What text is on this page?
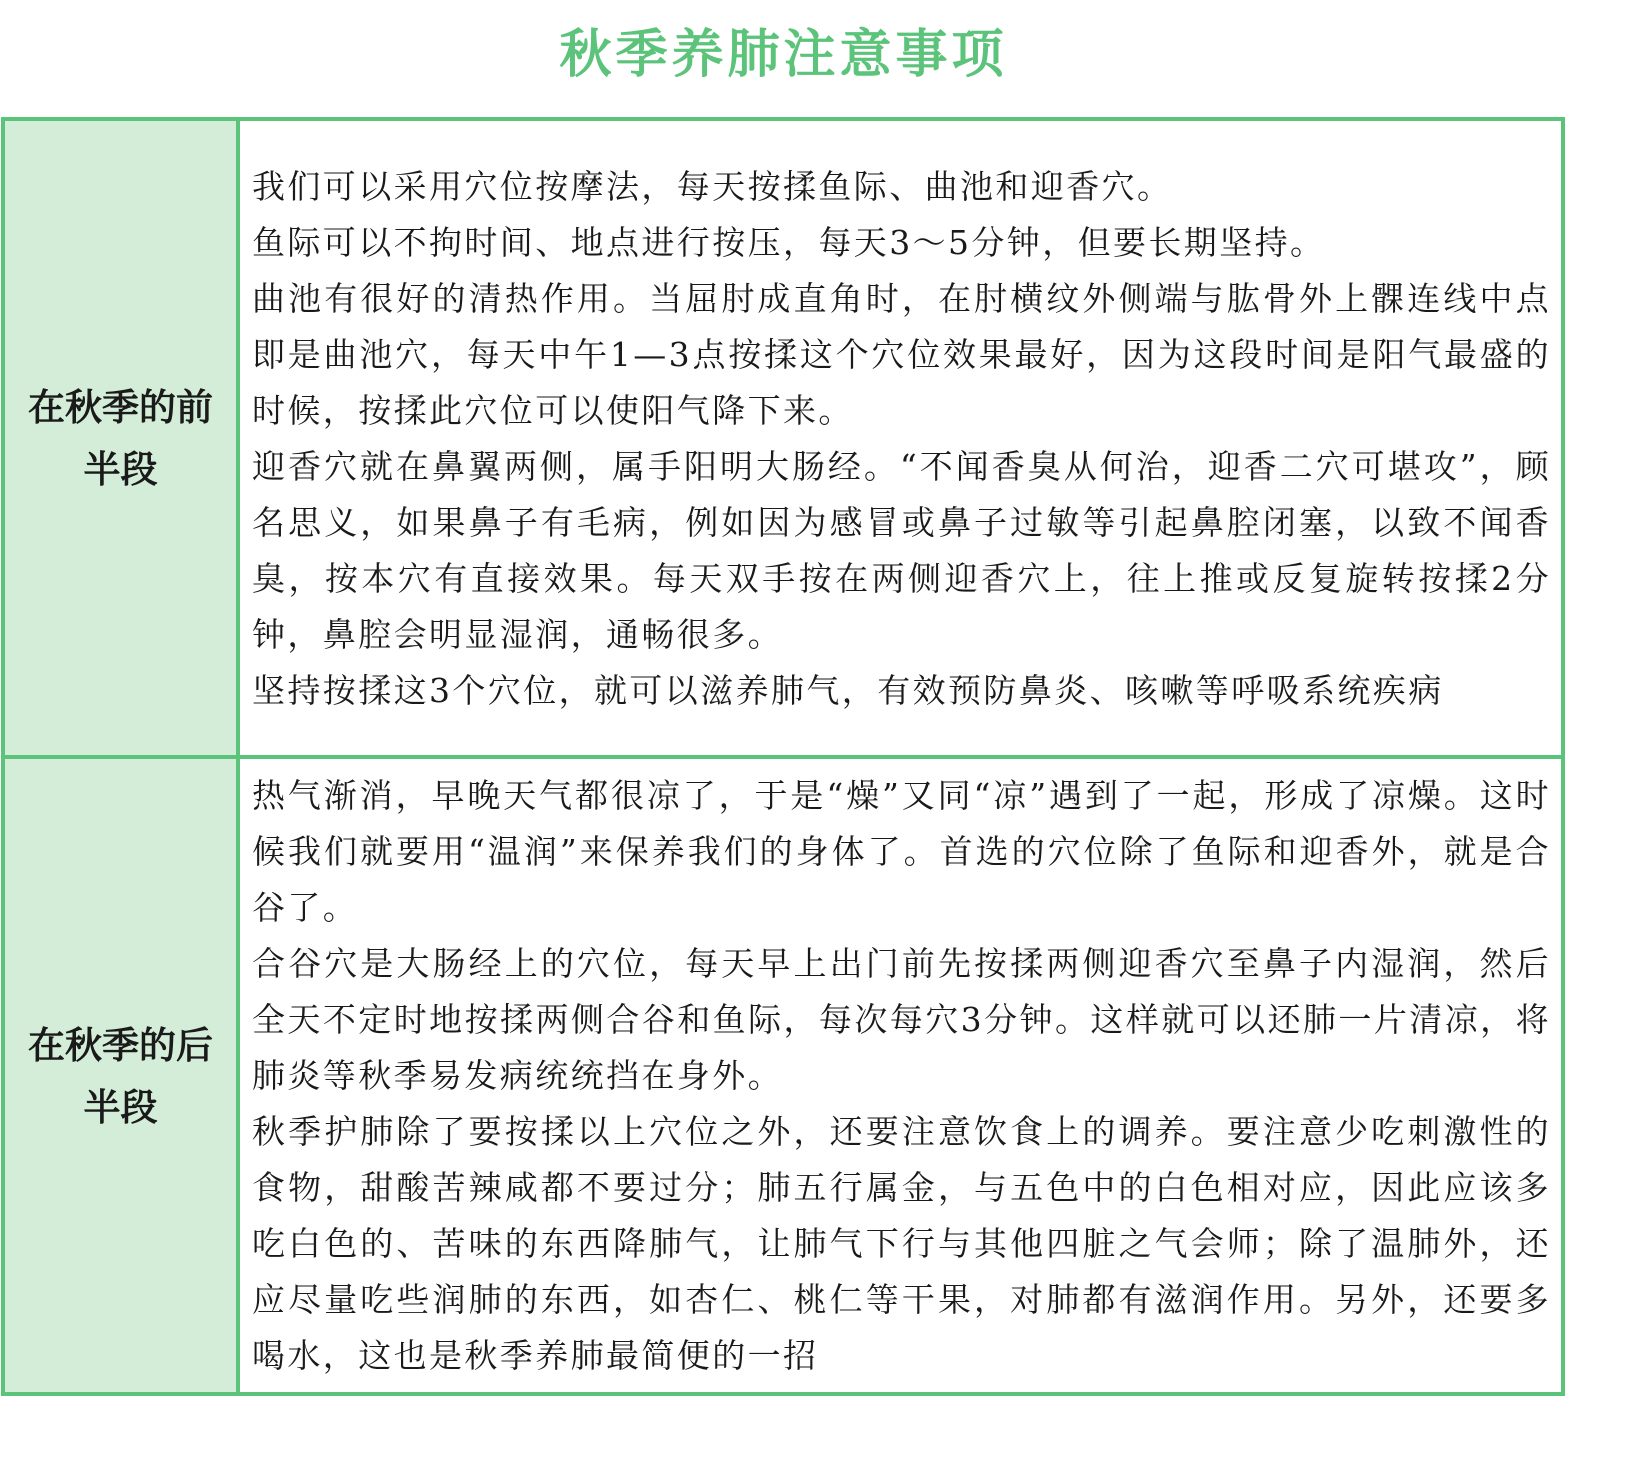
秋季养肺注意事项
在秋季的前半段	我们可以采用穴位按摩法，每天按揉鱼际、曲池和迎香穴。

鱼际可以不拘时间、地点进行按压，每天3～5分钟，但要长期坚持。

曲池有很好的清热作用。当屈肘成直角时，在肘横纹外侧端与肱骨外上髁连线中点即是曲池穴，每天中午1—3点按揉这个穴位效果最好，因为这段时间是阳气最盛的时候，按揉此穴位可以使阳气降下来。

迎香穴就在鼻翼两侧，属手阳明大肠经。“不闻香臭从何治，迎香二穴可堪攻”，顾名思义，如果鼻子有毛病，例如因为感冒或鼻子过敏等引起鼻腔闭塞，以致不闻香臭，按本穴有直接效果。每天双手按在两侧迎香穴上，往上推或反复旋转按揉2分钟，鼻腔会明显湿润，通畅很多。

坚持按揉这3个穴位，就可以滋养肺气，有效预防鼻炎、咳嗽等呼吸系统疾病

在秋季的后半段	热气渐消，早晚天气都很凉了，于是“燥”又同“凉”遇到了一起，形成了凉燥。这时候我们就要用“温润”来保养我们的身体了。首选的穴位除了鱼际和迎香外，就是合谷了。

合谷穴是大肠经上的穴位，每天早上出门前先按揉两侧迎香穴至鼻子内湿润，然后全天不定时地按揉两侧合谷和鱼际，每次每穴3分钟。这样就可以还肺一片清凉，将肺炎等秋季易发病统统挡在身外。

秋季护肺除了要按揉以上穴位之外，还要注意饮食上的调养。要注意少吃刺激性的食物，甜酸苦辣咸都不要过分；肺五行属金，与五色中的白色相对应，因此应该多吃白色的、苦味的东西降肺气，让肺气下行与其他四脏之气会师；除了温肺外，还应尽量吃些润肺的东西，如杏仁、桃仁等干果，对肺都有滋润作用。另外，还要多喝水，这也是秋季养肺最简便的一招
